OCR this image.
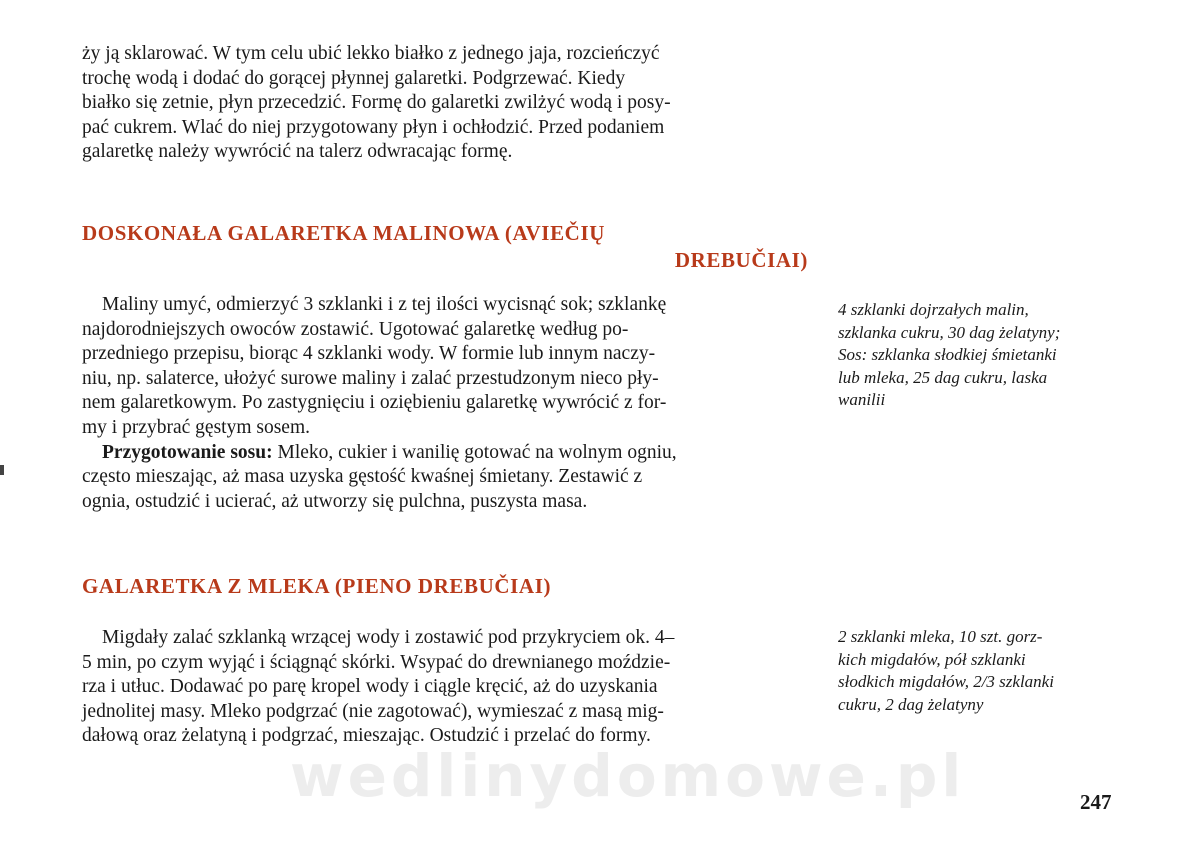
ży ją sklarować. W tym celu ubić lekko białko z jednego jaja, rozcieńczyć

trochę wodą i dodać do gorącej płynnej galaretki. Podgrzewać. Kiedy

białko się zetnie, płyn przecedzić. Formę do galaretki zwilżyć wodą i posy-

pać cukrem. Wlać do niej przygotowany płyn i ochłodzić. Przed podaniem

galaretkę należy wywrócić na talerz odwracając formę.

DOSKONAŁA GALARETKA MALINOWA (AVIEČIŲ
DREBUČIAI)

Maliny umyć, odmierzyć 3 szklanki i z tej ilości wycisnąć sok; szklankę

najdorodniejszych owoców zostawić. Ugotować galaretkę według po-

przedniego przepisu, biorąc 4 szklanki wody. W formie lub innym naczy-

niu, np. salaterce, ułożyć surowe maliny i zalać przestudzonym nieco pły-

nem galaretkowym. Po zastygnięciu i oziębieniu galaretkę wywrócić z for-

my i przybrać gęstym sosem.

Przygotowanie sosu: Mleko, cukier i wanilię gotować na wolnym ogniu,

często mieszając, aż masa uzyska gęstość kwaśnej śmietany. Zestawić z

ognia, ostudzić i ucierać, aż utworzy się pulchna, puszysta masa.

4 szklanki dojrzałych malin,
szklanka cukru, 30 dag żelatyny;
Sos: szklanka słodkiej śmietanki
lub mleka, 25 dag cukru, laska
wanilii
GALARETKA Z MLEKA (PIENO DREBUČIAI)

Migdały zalać szklanką wrzącej wody i zostawić pod przykryciem ok. 4–

5 min, po czym wyjąć i ściągnąć skórki. Wsypać do drewnianego moździe-

rza i utłuc. Dodawać po parę kropel wody i ciągle kręcić, aż do uzyskania

jednolitej masy. Mleko podgrzać (nie zagotować), wymieszać z masą mig-

dałową oraz żelatyną i podgrzać, mieszając. Ostudzić i przelać do formy.

2 szklanki mleka, 10 szt. gorz-
kich migdałów, pół szklanki
słodkich migdałów, 2/3 szklanki
cukru, 2 dag żelatyny
wedlinydomowe.pl	247
